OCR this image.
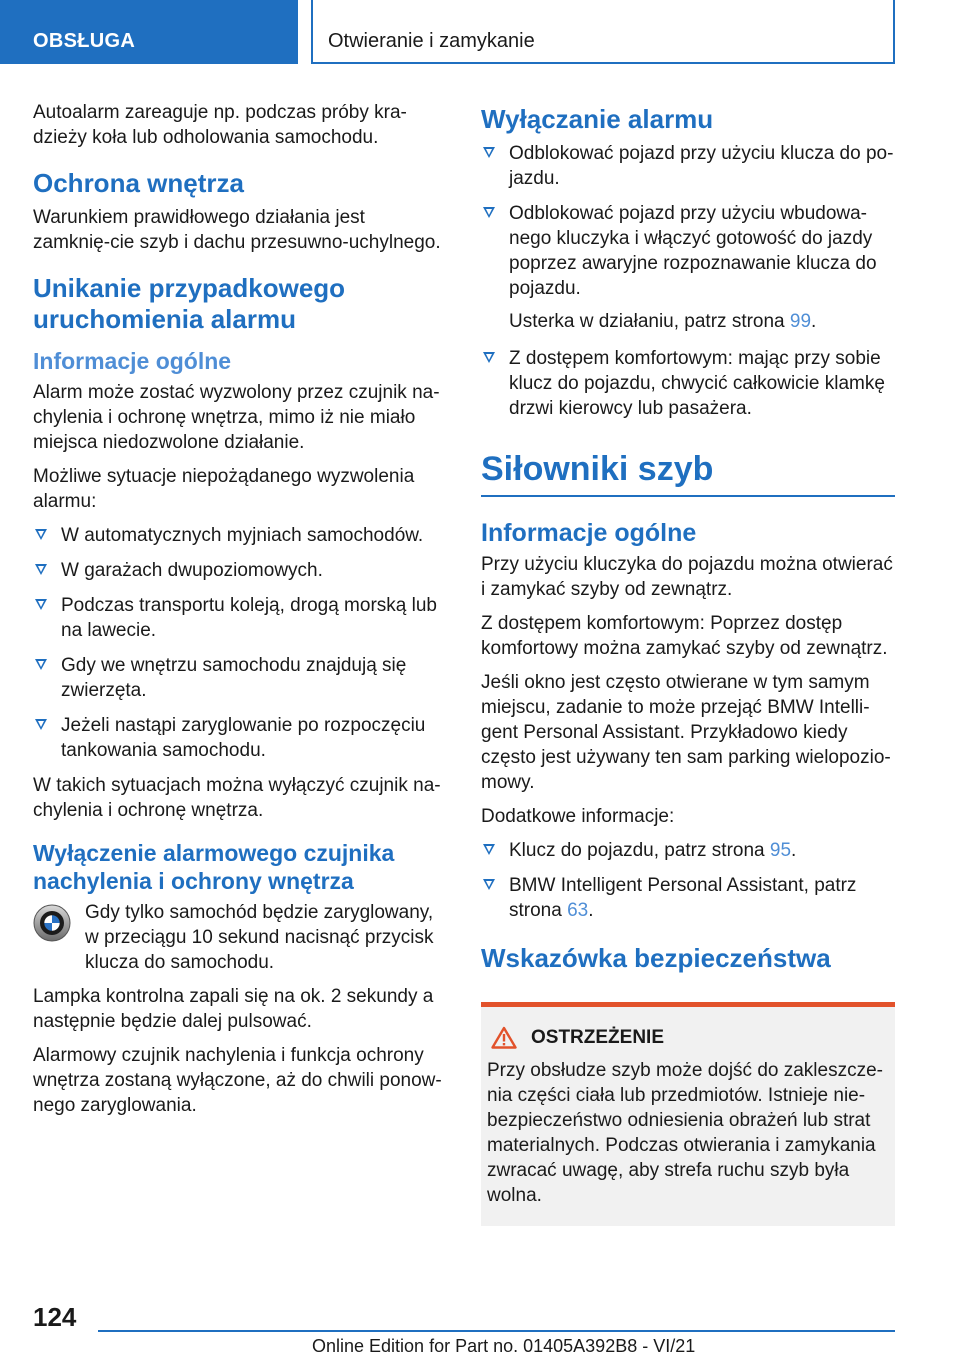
OBSŁUGA	Otwieranie i zamykanie

Autoalarm zareaguje np. podczas próby kra-dzieży koła lub odholowania samochodu.

Ochrona wnętrza

Warunkiem prawidłowego działania jest zamknię-cie szyb i dachu przesuwno-uchylnego.

Unikanie przypadkowego uruchomienia alarmu
Informacje ogólne

Alarm może zostać wyzwolony przez czujnik na-chylenia i ochronę wnętrza, mimo iż nie miało miejsca niedozwolone działanie.

Możliwe sytuacje niepożądanego wyzwolenia alarmu:

W automatycznych myjniach samochodów.
W garażach dwupoziomowych.
Podczas transportu koleją, drogą morską lub na lawecie.
Gdy we wnętrzu samochodu znajdują się zwierzęta.
Jeżeli nastąpi zaryglowanie po rozpoczęciu tankowania samochodu.

W takich sytuacjach można wyłączyć czujnik na-chylenia i ochronę wnętrza.

Wyłączenie alarmowego czujnika nachylenia i ochrony wnętrza
Gdy tylko samochód będzie zaryglowany, w przeciągu 10 sekund nacisnąć przycisk klucza do samochodu.

Lampka kontrolna zapali się na ok. 2 sekundy a następnie będzie dalej pulsować.

Alarmowy czujnik nachylenia i funkcja ochrony wnętrza zostaną wyłączone, aż do chwili ponow-nego zaryglowania.

Wyłączanie alarmu
Odblokować pojazd przy użyciu klucza do po-jazdu.
Odblokować pojazd przy użyciu wbudowa-nego kluczyka i włączyć gotowość do jazdy poprzez awaryjne rozpoznawanie klucza do pojazdu.

Usterka w działaniu, patrz strona 99.

Z dostępem komfortowym: mając przy sobie klucz do pojazdu, chwycić całkowicie klamkę drzwi kierowcy lub pasażera.
Siłowniki szyb
Informacje ogólne

Przy użyciu kluczyka do pojazdu można otwierać i zamykać szyby od zewnątrz.

Z dostępem komfortowym: Poprzez dostęp komfortowy można zamykać szyby od zewnątrz.

Jeśli okno jest często otwierane w tym samym miejscu, zadanie to może przejąć BMW Intelli-gent Personal Assistant. Przykładowo kiedy często jest używany ten sam parking wielopozio-mowy.

Dodatkowe informacje:

Klucz do pojazdu, patrz strona 95.
BMW Intelligent Personal Assistant, patrz strona 63.
Wskazówka bezpieczeństwa
OSTRZEŻENIE

Przy obsłudze szyb może dojść do zakleszcze-nia części ciała lub przedmiotów. Istnieje nie-bezpieczeństwo odniesienia obrażeń lub strat materialnych. Podczas otwierania i zamykania zwracać uwagę, aby strefa ruchu szyb była wolna.

124
Online Edition for Part no. 01405A392B8 - VI/21
